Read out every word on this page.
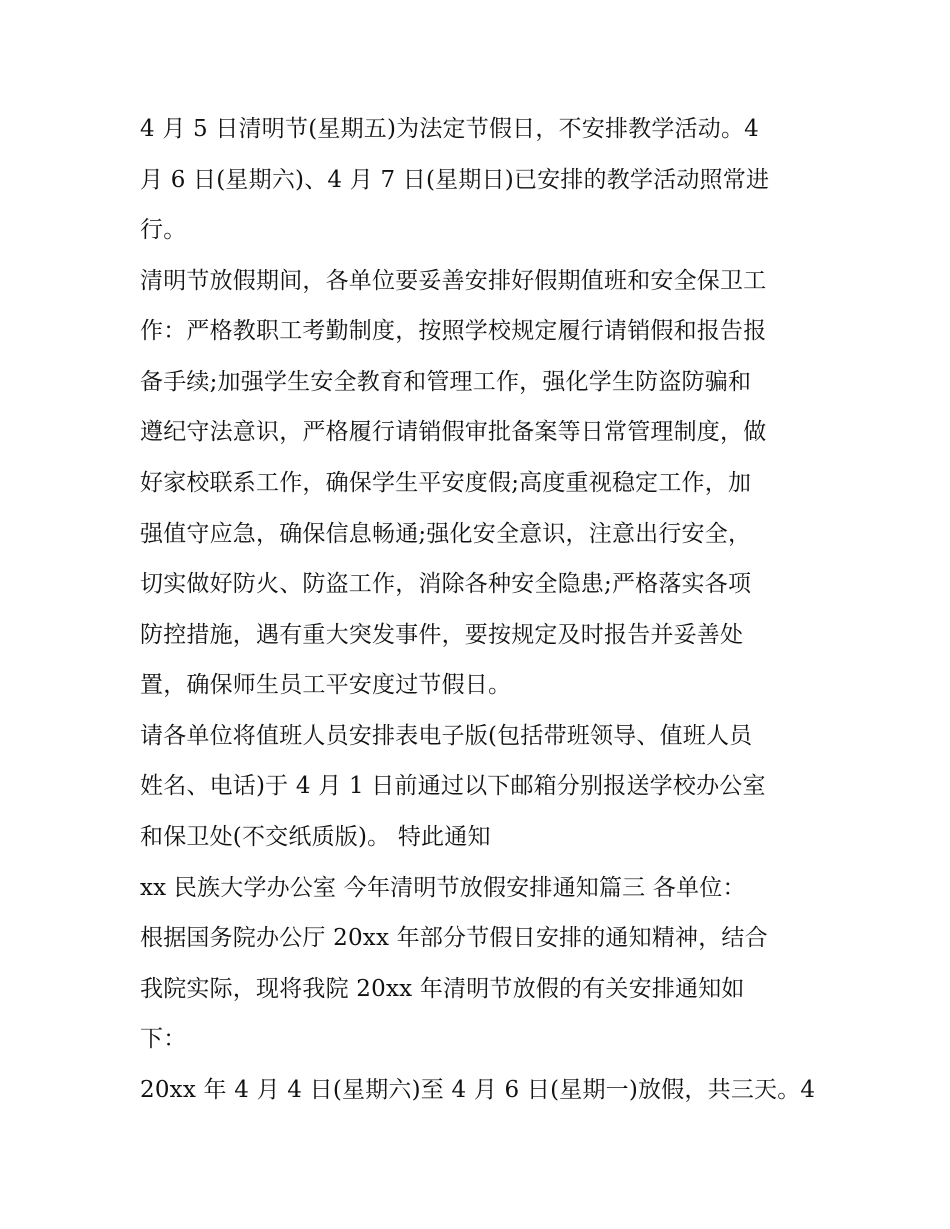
4 月 5 日清明节(星期五)为法定节假日，不安排教学活动。4
月 6 日(星期六)、4 月 7 日(星期日)已安排的教学活动照常进
行。
清明节放假期间，各单位要妥善安排好假期值班和安全保卫工
作：严格教职工考勤制度，按照学校规定履行请销假和报告报
备手续;加强学生安全教育和管理工作，强化学生防盗防骗和
遵纪守法意识，严格履行请销假审批备案等日常管理制度，做
好家校联系工作，确保学生平安度假;高度重视稳定工作，加
强值守应急，确保信息畅通;强化安全意识，注意出行安全，
切实做好防火、防盗工作，消除各种安全隐患;严格落实各项
防控措施，遇有重大突发事件，要按规定及时报告并妥善处
置，确保师生员工平安度过节假日。
请各单位将值班人员安排表电子版(包括带班领导、值班人员
姓名、电话)于 4 月 1 日前通过以下邮箱分别报送学校办公室
和保卫处(不交纸质版)。 特此通知
xx 民族大学办公室 今年清明节放假安排通知篇三 各单位：
根据国务院办公厅 20xx 年部分节假日安排的通知精神，结合
我院实际，现将我院 20xx 年清明节放假的有关安排通知如
下：
20xx 年 4 月 4 日(星期六)至 4 月 6 日(星期一)放假，共三天。4
